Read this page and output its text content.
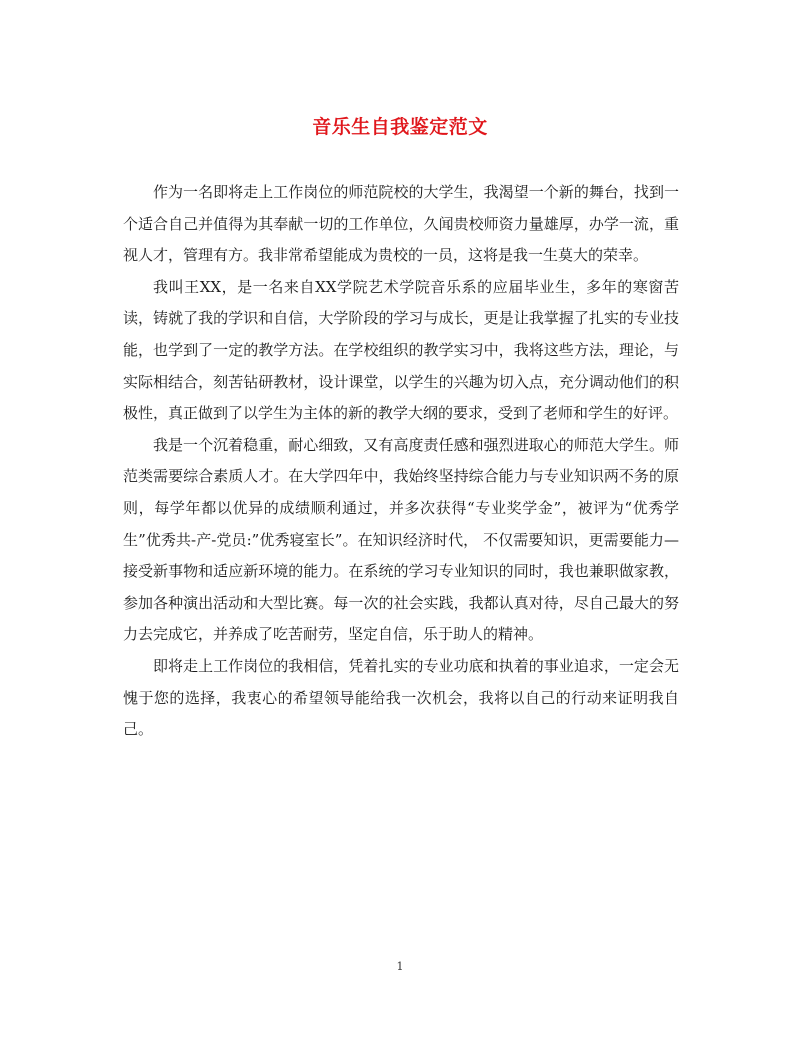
音乐生自我鉴定范文

作为一名即将走上工作岗位的师范院校的大学生，我渴望一个新的舞台，找到一个适合自己并值得为其奉献一切的工作单位，久闻贵校师资力量雄厚，办学一流，重视人才，管理有方。我非常希望能成为贵校的一员，这将是我一生莫大的荣幸。

我叫王XX，是一名来自XX学院艺术学院音乐系的应届毕业生，多年的寒窗苦读，铸就了我的学识和自信，大学阶段的学习与成长，更是让我掌握了扎实的专业技能，也学到了一定的教学方法。在学校组织的教学实习中，我将这些方法，理论，与实际相结合，刻苦钻研教材，设计课堂，以学生的兴趣为切入点，充分调动他们的积极性，真正做到了以学生为主体的新的教学大纲的要求，受到了老师和学生的好评。

我是一个沉着稳重，耐心细致，又有高度责任感和强烈进取心的师范大学生。师范类需要综合素质人才。在大学四年中，我始终坚持综合能力与专业知识两不务的原则，每学年都以优异的成绩顺利通过，并多次获得“专业奖学金”，被评为“优秀学生”优秀共-产-党员:”优秀寝室长”。在知识经济时代， 不仅需要知识，更需要能力—接受新事物和适应新环境的能力。在系统的学习专业知识的同时，我也兼职做家教，参加各种演出活动和大型比赛。每一次的社会实践，我都认真对待，尽自己最大的努力去完成它，并养成了吃苦耐劳，坚定自信，乐于助人的精神。

即将走上工作岗位的我相信，凭着扎实的专业功底和执着的事业追求，一定会无愧于您的选择，我衷心的希望领导能给我一次机会，我将以自己的行动来证明我自己。

1
